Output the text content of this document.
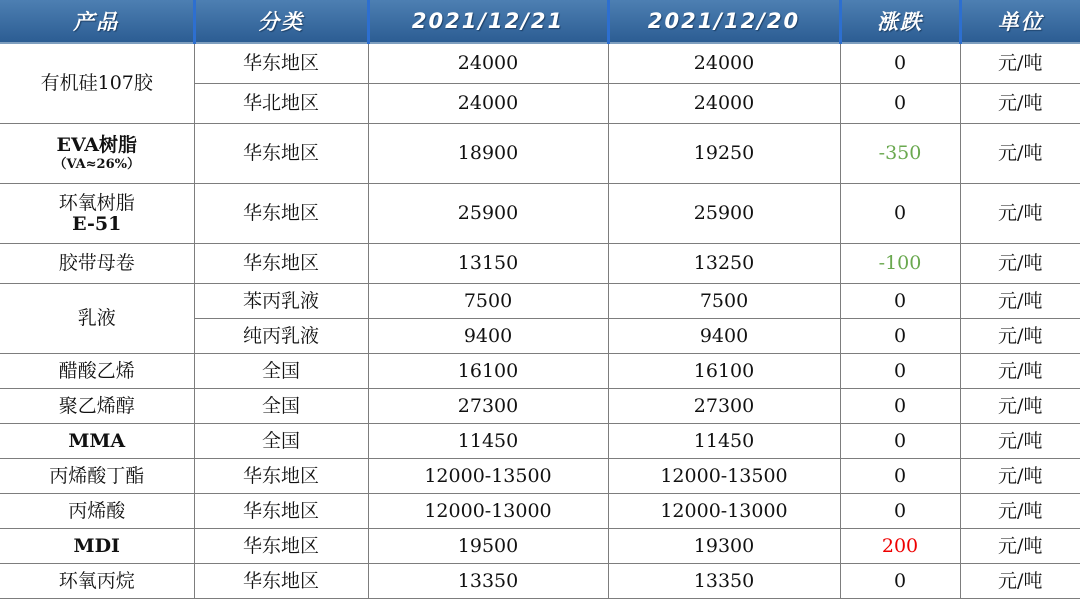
产品	分类	2021/12/21	2021/12/20	涨跌	单位
有机硅107胶	华东地区	24000	24000	0	元/吨
	华北地区	24000	24000	0	元/吨

EVA树脂
（VA≈26%）	华东地区	18900	19250	-350	元/吨

环氧树脂
E-51	华东地区	25900	25900	0	元/吨
胶带母卷	华东地区	13150	13250	-100	元/吨
乳液	苯丙乳液	7500	7500	0	元/吨
	纯丙乳液	9400	9400	0	元/吨
醋酸乙烯	全国	16100	16100	0	元/吨
聚乙烯醇	全国	27300	27300	0	元/吨
MMA	全国	11450	11450	0	元/吨
丙烯酸丁酯	华东地区	12000-13500	12000-13500	0	元/吨
丙烯酸	华东地区	12000-13000	12000-13000	0	元/吨
MDI	华东地区	19500	19300	200	元/吨
环氧丙烷	华东地区	13350	13350	0	元/吨
